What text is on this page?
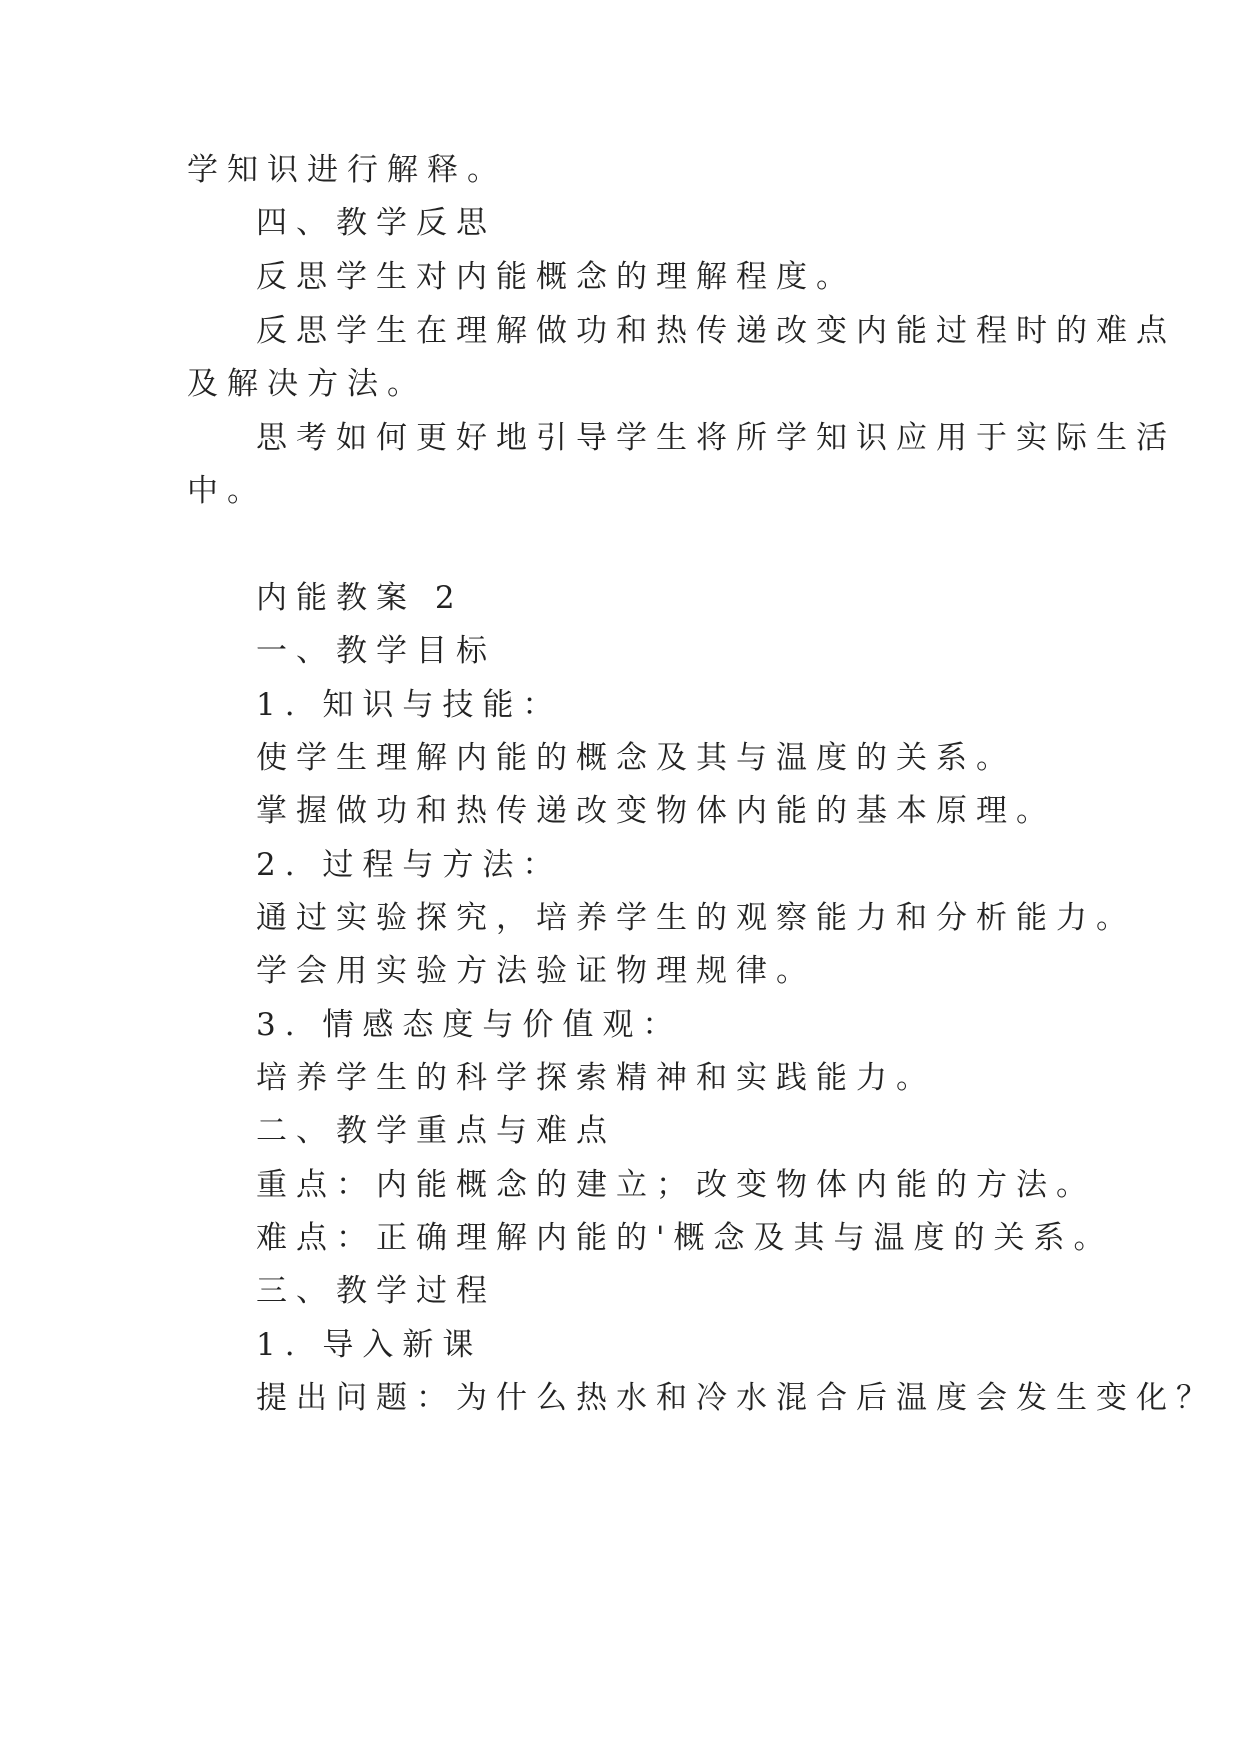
学知识进行解释。
四、教学反思
反思学生对内能概念的理解程度。
反思学生在理解做功和热传递改变内能过程时的难点
及解决方法。
思考如何更好地引导学生将所学知识应用于实际生活
中。
内能教案 2
一、教学目标
1. 知识与技能：
使学生理解内能的概念及其与温度的关系。
掌握做功和热传递改变物体内能的基本原理。
2. 过程与方法：
通过实验探究，培养学生的观察能力和分析能力。
学会用实验方法验证物理规律。
3. 情感态度与价值观：
培养学生的科学探索精神和实践能力。
二、教学重点与难点
重点：内能概念的建立；改变物体内能的方法。
难点：正确理解内能的'概念及其与温度的关系。
三、教学过程
1. 导入新课
提出问题：为什么热水和冷水混合后温度会发生变化？
